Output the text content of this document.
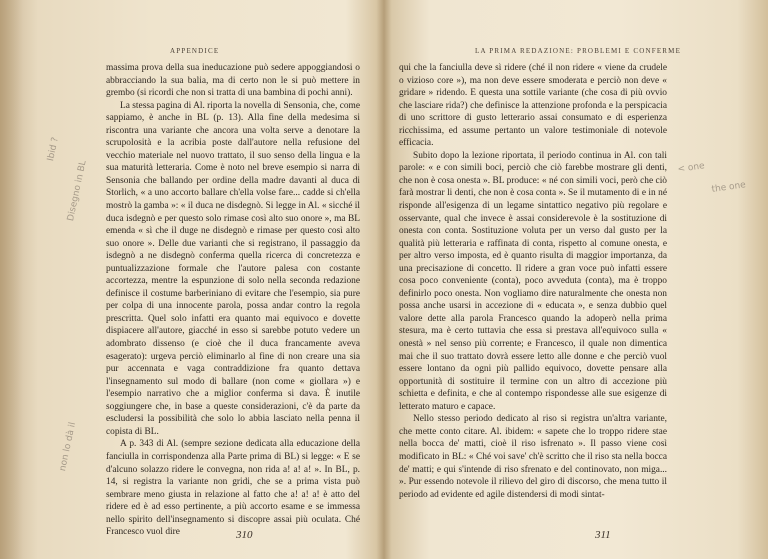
APPENDICE

massima prova della sua ineducazione può sedere appoggiandosi o abbracciando la sua balia, ma di certo non le si può mettere in grembo (si ricordi che non si tratta di una bambina di pochi anni).

La stessa pagina di Al. riporta la novella di Sensonia, che, come sappiamo, è anche in BL (p. 13). Alla fine della medesima si riscontra una variante che ancora una volta serve a denotare la scrupolosità e la acribia poste dall'autore nella refusione del vecchio materiale nel nuovo trattato, il suo senso della lingua e la sua maturità letteraria. Come è noto nel breve esempio si narra di Sensonia che ballando per ordine della madre davanti al duca di Storlich, « a uno accorto ballare ch'ella volse fare... cadde si ch'ella mostrò la gamba »: « il duca ne disdegnò. Si legge in Al. « sicché il duca isdegnò e per questo solo rimase così alto suo onore », ma BL emenda « sì che il duge ne disdegnò e rimase per questo così alto suo onore ». Delle due varianti che si registrano, il passaggio da isdegnò a ne disdegnò conferma quella ricerca di concretezza e puntualizzazione formale che l'autore palesa con costante accortezza, mentre la espunzione di solo nella seconda redazione definisce il costume barberiniano di evitare che l'esempio, sia pure per colpa di una innocente parola, possa andar contro la regola prescritta. Quel solo infatti era quanto mai equivoco e dovette dispiacere all'autore, giacché in esso si sarebbe potuto vedere un adombrato dissenso (e cioè che il duca francamente aveva esagerato): urgeva perciò eliminarlo al fine di non creare una sia pur accennata e vaga contraddizione fra quanto dettava l'insegnamento sul modo di ballare (non come « giollara ») e l'esempio narrativo che a miglior conferma si dava. È inutile soggiungere che, in base a queste considerazioni, c'è da parte da escludersi la possibilità che solo lo abbia lasciato nella penna il copista di BL.

A p. 343 di Al. (sempre sezione dedicata alla educazione della fanciulla in corrispondenza alla Parte prima di BL) si legge: « E se d'alcuno solazzo ridere le convegna, non rida a! a! a! ». In BL, p. 14, si registra la variante non gridi, che se a prima vista può sembrare meno giusta in relazione al fatto che a! a! a! è atto del ridere ed è ad esso pertinente, a più accorto esame e se immessa nello spirito dell'insegnamento si discopre assai più oculata. Ché Francesco vuol dire	310
Ibid ?
Disegno in BL
non lo dà il
LA PRIMA REDAZIONE: PROBLEMI E CONFERME

qui che la fanciulla deve sì ridere (ché il non ridere « viene da crudele o vizioso core »), ma non deve essere smoderata e perciò non deve « gridare » ridendo. E questa una sottile variante (che cosa di più ovvio che lasciare rida?) che definisce la attenzione profonda e la perspicacia di uno scrittore di gusto letterario assai consumato e di esperienza ricchissima, ed assume pertanto un valore testimoniale di notevole efficacia.

Subito dopo la lezione riportata, il periodo continua in Al. con tali parole: « e con simili boci, perciò che ciò farebbe mostrare gli denti, che non è cosa onesta ». BL produce: « né con simili voci, però che ciò farà mostrar li denti, che non è cosa conta ». Se il mutamento di e in né risponde all'esigenza di un legame sintattico negativo più regolare e osservante, qual che invece è assai considerevole è la sostituzione di onesta con conta. Sostituzione voluta per un verso dal gusto per la qualità più letteraria e raffinata di conta, rispetto al comune onesta, e per altro verso imposta, ed è quanto risulta di maggior importanza, da una precisazione di concetto. Il ridere a gran voce può infatti essere cosa poco conveniente (conta), poco avveduta (conta), ma è troppo definirlo poco onesta. Non vogliamo dire naturalmente che onesta non possa anche usarsi in accezione di « educata », e senza dubbio quel valore dette alla parola Francesco quando la adoperò nella prima stesura, ma è certo tuttavia che essa si prestava all'equivoco sulla « onestà » nel senso più corrente; e Francesco, il quale non dimentica mai che il suo trattato dovrà essere letto alle donne e che perciò vuol essere lontano da ogni più pallido equivoco, dovette pensare alla opportunità di sostituire il termine con un altro di accezione più schietta e definita, e che al contempo rispondesse alle sue esigenze di letterato maturo e capace.

Nello stesso periodo dedicato al riso si registra un'altra variante, che mette conto citare. Al. ibidem: « sapete che lo troppo ridere stae nella bocca de' matti, cioè il riso isfrenato ». Il passo viene così modificato in BL: « Ché voi save' ch'è scritto che il riso sta nella bocca de' matti; e qui s'intende di riso sfrenato e del continovato, non miga... ». Pur essendo notevole il rilievo del giro di discorso, che mena tutto il periodo ad evidente ed agile distendersi di modi sintat-

311
< one
the one
